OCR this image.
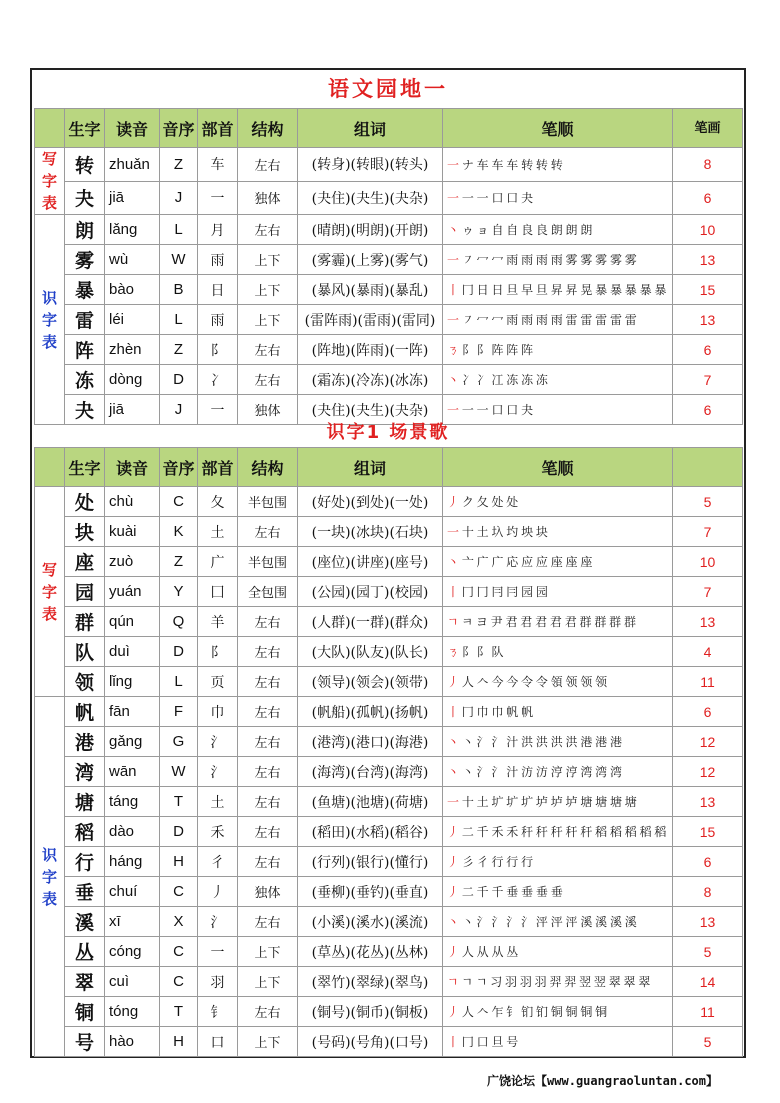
语文园地一
	生字	读音	音序	部首	结构	组词	笔顺	笔画

写
字
表	转	zhuǎn	Z	车	左右	(转身)(转眼)(转头)	一 ナ 车 车 车 转 转 转	8
	夬	jiā	J	一	独体	(夬住)(夬生)(夬杂)	一 一 一 口 口 夬	6

识
字
表	朗	lǎng	L	月	左右	(晴朗)(明朗)(开朗)	丶 ゥ ョ 自 自 良 良 朗 朗 朗	10
	雾	wù	W	雨	上下	(雾霾)(上雾)(雾气)	一 ㇇ 冖 冖 雨 雨 雨 雨 雾 雾 雾 雾 雾	13
	暴	bào	B	日	上下	(暴风)(暴雨)(暴乱)	丨 冂 日 日 旦 早 旦 昇 昇 晃 暴 暴 暴 暴 暴	15
	雷	léi	L	雨	上下	(雷阵雨)(雷雨)(雷同)	一 ㇇ 冖 冖 雨 雨 雨 雨 雷 雷 雷 雷 雷	13
	阵	zhèn	Z	阝	左右	(阵地)(阵雨)(一阵)	ㄋ 阝 阝 阵 阵 阵	6
	冻	dòng	D	冫	左右	(霜冻)(冷冻)(冰冻)	丶 冫 冫 冮 冻 冻 冻	7
	夬	jiā	J	一	独体	(夬住)(夬生)(夬杂)	一 一 一 口 口 夬	6
识字1 场景歌
	生字	读音	音序	部首	结构	组词	笔顺	

写
字
表	处	chù	C	夂	半包围	(好处)(到处)(一处)	丿 ク 夂 处 处	5
	块	kuài	K	土	左右	(一块)(冰块)(石块)	一 十 土 圦 圴 坱 块	7
	座	zuò	Z	广	半包围	(座位)(讲座)(座号)	丶 亠 广 广 応 应 应 座 座 座	10
	园	yuán	Y	囗	全包围	(公园)(园丁)(校园)	丨 冂 冂 冃 冃 园 园	7
	群	qún	Q	羊	左右	(人群)(一群)(群众)	ㄱ ㅋ ヨ 尹 君 君 君 君 君 群 群 群 群	13
	队	duì	D	阝	左右	(大队)(队友)(队长)	ㄋ 阝 阝 队	4
	领	lǐng	L	页	左右	(领导)(领会)(领带)	丿 人 𠆢 今 今 令 令 領 领 领 领	11

识
字
表	帆	fān	F	巾	左右	(帆船)(孤帆)(扬帆)	丨 冂 巾 巾 帆 帆	6
	港	gǎng	G	氵	左右	(港湾)(港口)(海港)	丶 丶 氵 氵 汁 洪 洪 洪 洪 港 港 港	12
	湾	wān	W	氵	左右	(海湾)(台湾)(海湾)	丶 丶 氵 氵 汁 汸 汸 涥 涥 湾 湾 湾	12
	塘	táng	T	土	左右	(鱼塘)(池塘)(荷塘)	一 十 土 圹 圹 圹 垆 垆 垆 塘 塘 塘 塘	13
	稻	dào	D	禾	左右	(稻田)(水稻)(稻谷)	丿 二 千 禾 禾 秆 秆 秆 秆 秆 稻 稻 稻 稻 稻	15
	行	háng	H	彳	左右	(行列)(银行)(懂行)	丿 彡 彳 行 行 行	6
	垂	chuí	C	丿	独体	(垂柳)(垂钓)(垂直)	丿 二 千 千 垂 垂 垂 垂	8
	溪	xī	X	氵	左右	(小溪)(溪水)(溪流)	丶 丶 氵 氵 氵 氵 泙 泙 泙 溪 溪 溪 溪	13
	丛	cóng	C	一	上下	(草丛)(花丛)(丛林)	丿 人 从 从 丛	5
	翠	cuì	C	羽	上下	(翠竹)(翠绿)(翠鸟)	ㄱ ㄱ ㄱ 习 羽 羽 羽 羿 羿 翌 翌 翠 翠 翠	14
	铜	tóng	T	钅	左右	(铜号)(铜币)(铜板)	丿 人 𠆢 乍 钅 钔 钔 铜 铜 铜 铜	11
	号	hào	H	口	上下	(号码)(号角)(口号)	丨 冂 口 旦 号	5
广饶论坛【www.guangraoluntan.com】
